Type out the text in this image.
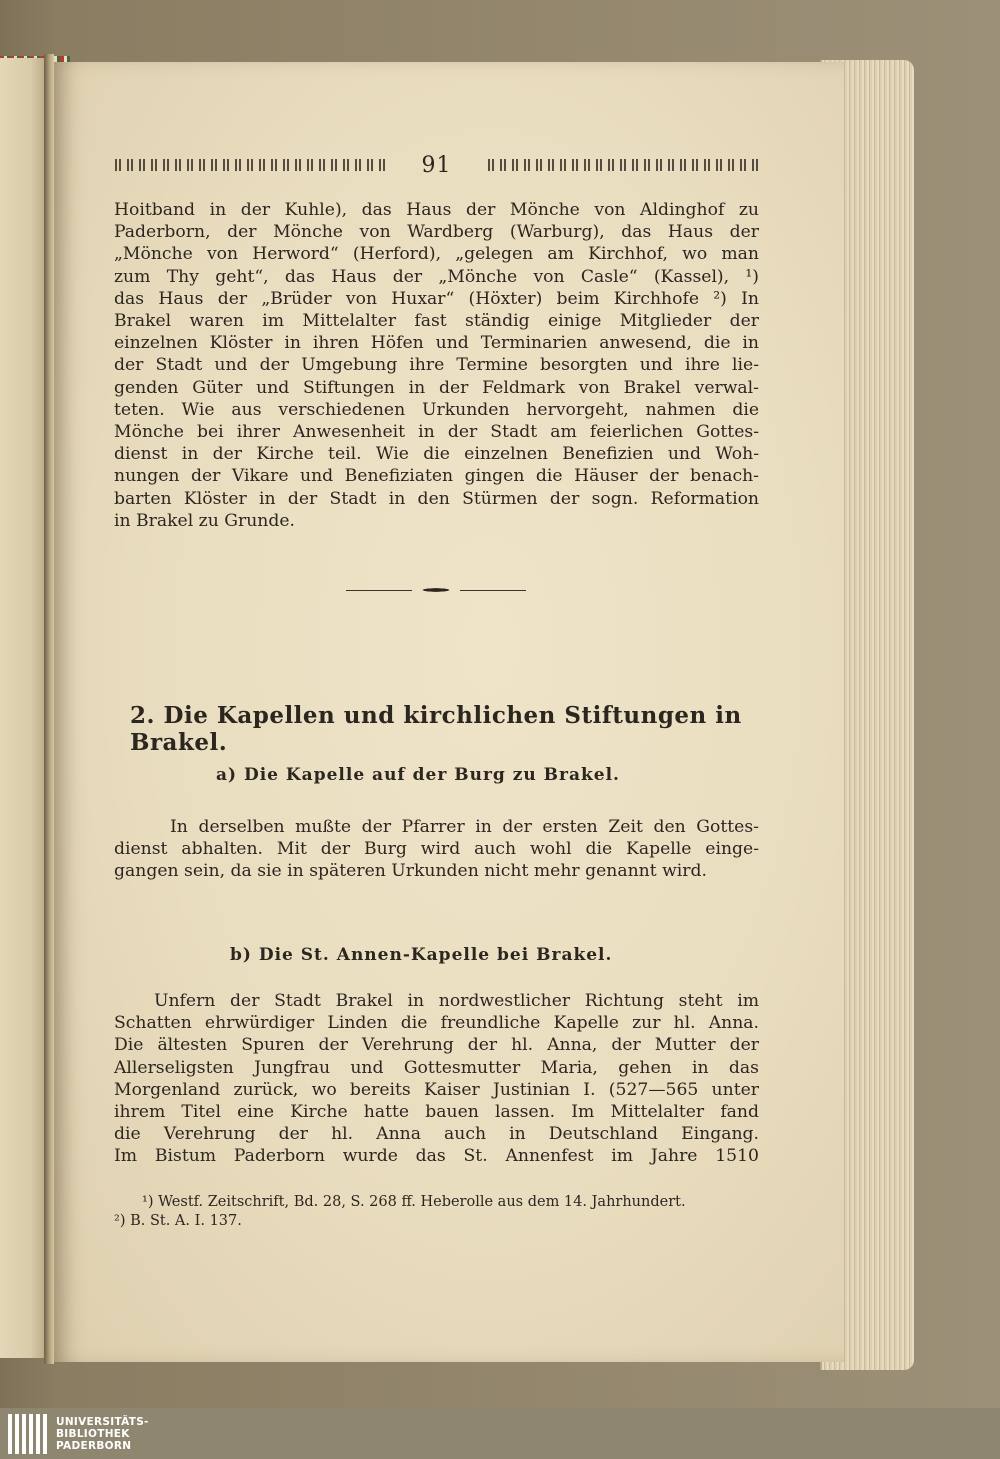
91
Hoitband in der Kuhle), das Haus der Mönche von Aldinghof zu
Paderborn, der Mönche von Wardberg (Warburg), das Haus der
„Mönche von Herword“ (Herford), „gelegen am Kirchhof, wo man
zum Thy geht“, das Haus der „Mönche von Casle“ (Kassel), ¹)
das Haus der „Brüder von Huxar“ (Höxter) beim Kirchhofe ²) In
Brakel waren im Mittelalter fast ständig einige Mitglieder der
einzelnen Klöster in ihren Höfen und Terminarien anwesend, die in
der Stadt und der Umgebung ihre Termine besorgten und ihre lie-
genden Güter und Stiftungen in der Feldmark von Brakel verwal-
teten. Wie aus verschiedenen Urkunden hervorgeht, nahmen die
Mönche bei ihrer Anwesenheit in der Stadt am feierlichen Gottes-
dienst in der Kirche teil. Wie die einzelnen Benefizien und Woh-
nungen der Vikare und Benefiziaten gingen die Häuser der benach-
barten Klöster in der Stadt in den Stürmen der sogn. Reformation
in Brakel zu Grunde.
2. Die Kapellen und kirchlichen Stiftungen in Brakel.
a) Die Kapelle auf der Burg zu Brakel.
In derselben mußte der Pfarrer in der ersten Zeit den Gottes-
dienst abhalten. Mit der Burg wird auch wohl die Kapelle einge-
gangen sein, da sie in späteren Urkunden nicht mehr genannt wird.
b) Die St. Annen-Kapelle bei Brakel.
Unfern der Stadt Brakel in nordwestlicher Richtung steht im
Schatten ehrwürdiger Linden die freundliche Kapelle zur hl. Anna.
Die ältesten Spuren der Verehrung der hl. Anna, der Mutter der
Allerseligsten Jungfrau und Gottesmutter Maria, gehen in das
Morgenland zurück, wo bereits Kaiser Justinian I. (527—565 unter
ihrem Titel eine Kirche hatte bauen lassen. Im Mittelalter fand
die Verehrung der hl. Anna auch in Deutschland Eingang.
Im Bistum Paderborn wurde das St. Annenfest im Jahre 1510
¹) Westf. Zeitschrift, Bd. 28, S. 268 ff. Heberolle aus dem 14. Jahrhundert.
²) B. St. A. I. 137.
UNIVERSITÄTS-
BIBLIOTHEK
PADERBORN
